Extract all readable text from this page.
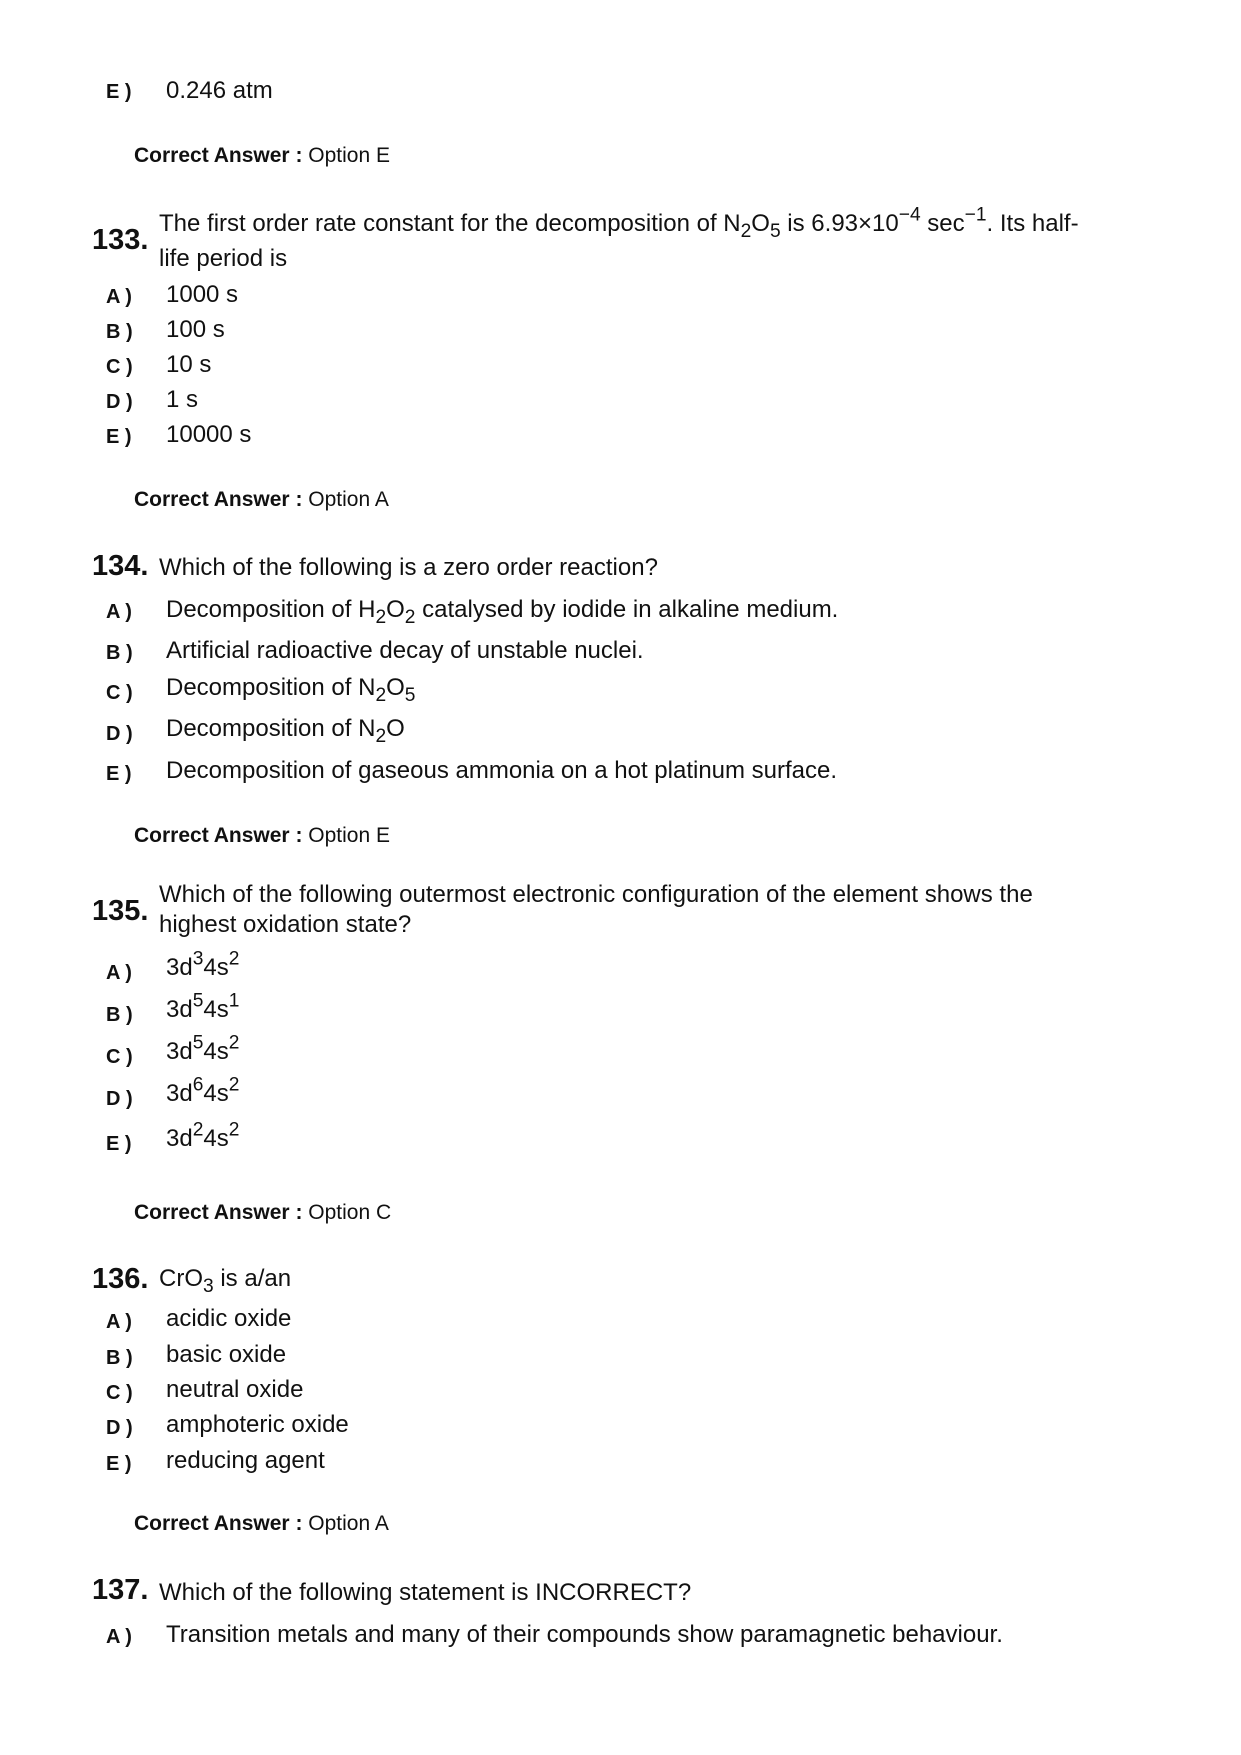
E ) 0.246 atm
Correct Answer : Option E
133.
The first order rate constant for the decomposition of $N_2O_5$ is $6.93\times 10^{-4}$ $\sec^{-1}$. Its half-
life period is
A ) 1000 s
B ) 100 s
C ) 10 s
D ) 1 s
E ) 10000 s
Correct Answer : Option A
134. Which of the following is a zero order reaction?
A ) Decomposition of $H_2O_2$ catalysed by iodide in alkaline medium.
B ) Artificial radioactive decay of unstable nuclei.
C ) Decomposition of $N_2O_5$
D ) Decomposition of $N_2O$
E ) Decomposition of gaseous ammonia on a hot platinum surface.
Correct Answer : Option E
135.
Which of the following outermost electronic configuration of the element shows the
highest oxidation state?
A ) $3d^34s^2$
B ) $3d^54s^1$
C ) $3d^54s^2$
D ) $3d^64s^2$
E ) $3d^24s^2$
Correct Answer : Option C
136. CrO$_3$ is a/an
A ) acidic oxide
B ) basic oxide
C ) neutral oxide
D ) amphoteric oxide
E ) reducing agent
Correct Answer : Option A
137. Which of the following statement is INCORRECT?
A ) Transition metals and many of their compounds show paramagnetic behaviour.
